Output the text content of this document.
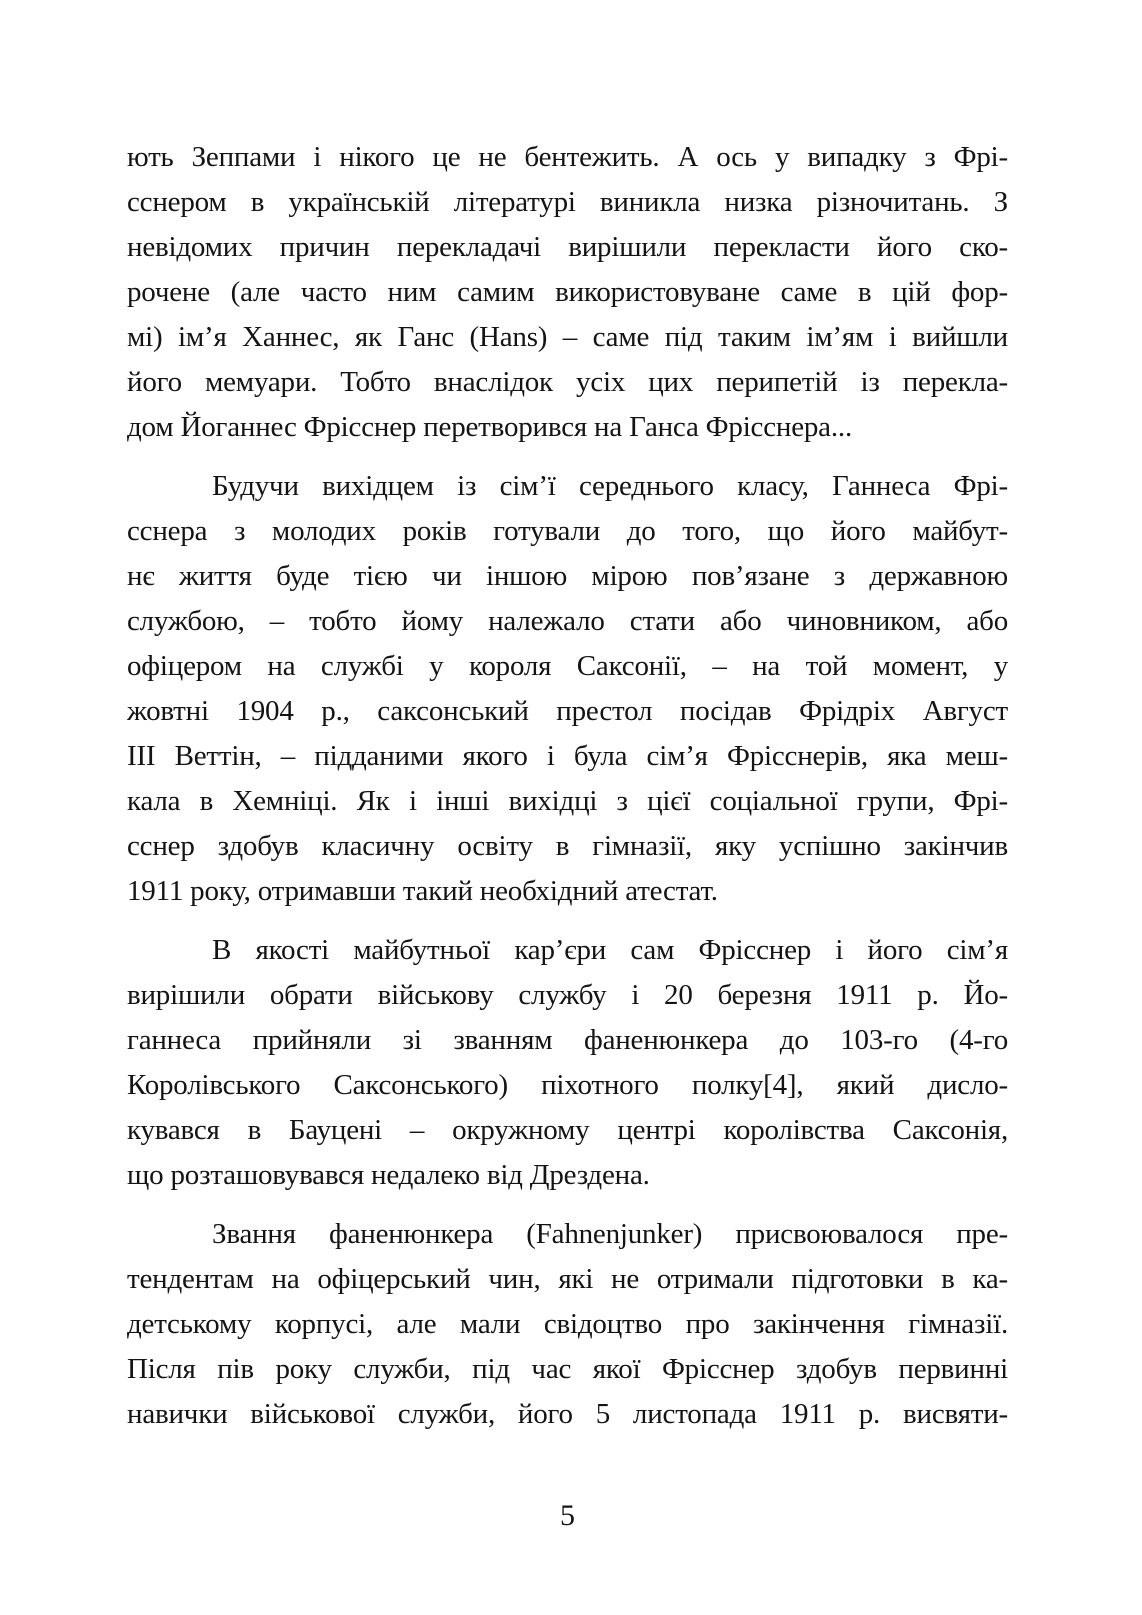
ють Зеппами і нікого це не бентежить. А ось у випадку з Фрі-
сснером в українській літературі виникла низка різночитань. З
невідомих причин перекладачі вирішили перекласти його ско-
рочене (але часто ним самим використовуване саме в цій фор-
мі) ім’я Ханнес, як Ганс (Hans) – саме під таким ім’ям і вийшли
його мемуари. Тобто внаслідок усіх цих перипетій із перекла-
дом Йоганнес Фрісснер перетворився на Ганса Фрісснера...

Будучи вихідцем із сім’ї середнього класу, Ганнеса Фрі-
сснера з молодих років готували до того, що його майбут-
нє життя буде тією чи іншою мірою пов’язане з державною
службою, – тобто йому належало стати або чиновником, або
офіцером на службі у короля Саксонії, – на той момент, у
жовтні 1904 р., саксонський престол посідав Фрідріх Август
ІІІ Веттін, – підданими якого і була сім’я Фрісснерів, яка меш-
кала в Хемніці. Як і інші вихідці з цієї соціальної групи, Фрі-
сснер здобув класичну освіту в гімназії, яку успішно закінчив
1911 року, отримавши такий необхідний атестат.

В якості майбутньої кар’єри сам Фрісснер і його сім’я
вирішили обрати військову службу і 20 березня 1911 р. Йо-
ганнеса прийняли зі званням фаненюнкера до 103-го (4-го
Королівського Саксонського) піхотного полку[4], який дисло-
кувався в Бауцені – окружному центрі королівства Саксонія,
що розташовувався недалеко від Дрездена.

Звання фаненюнкера (Fahnenjunker) присвоювалося пре-
тендентам на офіцерський чин, які не отримали підготовки в ка-
детському корпусі, але мали свідоцтво про закінчення гімназії.
Після пів року служби, під час якої Фрісснер здобув первинні
навички військової служби, його 5 листопада 1911 р. висвяти-

5
